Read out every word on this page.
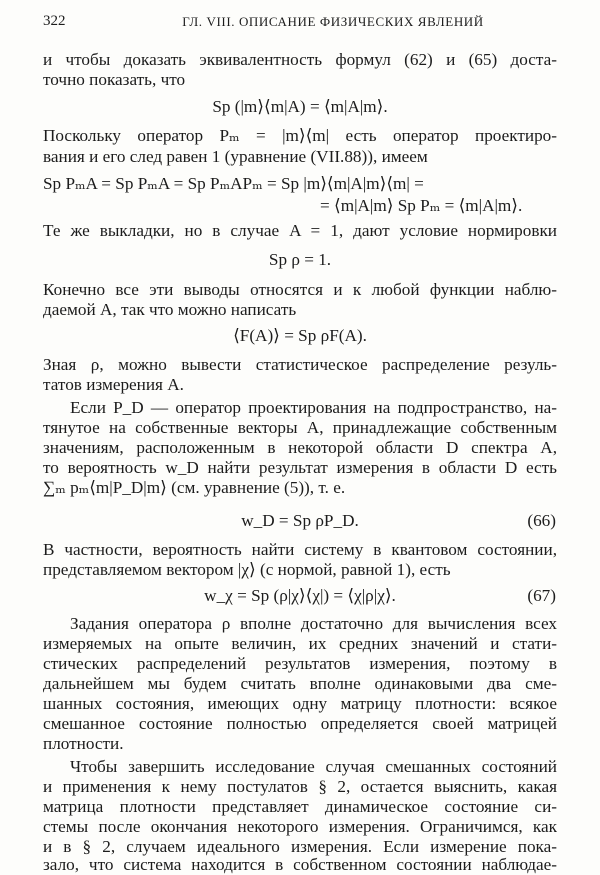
322	ГЛ. VIII. ОПИСАНИЕ ФИЗИЧЕСКИХ ЯВЛЕНИЙ
и чтобы доказать эквивалентность формул (62) и (65) доста-
точно показать, что
Sp (|m⟩⟨m|A) = ⟨m|A|m⟩.
Поскольку оператор Pₘ = |m⟩⟨m| есть оператор проектиро-
вания и его след равен 1 (уравнение (VII.88)), имеем
Sp PₘA = Sp PₘA = Sp PₘAPₘ = Sp |m⟩⟨m|A|m⟩⟨m| =
= ⟨m|A|m⟩ Sp Pₘ = ⟨m|A|m⟩.
Те же выкладки, но в случае A = 1, дают условие нормировки
Sp ρ = 1.
Конечно все эти выводы относятся и к любой функции наблю-
даемой A, так что можно написать
⟨F(A)⟩ = Sp ρF(A).
Зная ρ, можно вывести статистическое распределение резуль-
татов измерения A.
Если P_D — оператор проектирования на подпространство, на-
тянутое на собственные векторы A, принадлежащие собственным
значениям, расположенным в некоторой области D спектра A,
то вероятность w_D найти результат измерения в области D есть
∑ₘ pₘ⟨m|P_D|m⟩ (см. уравнение (5)), т. е.
w_D = Sp ρP_D.	(66)
В частности, вероятность найти систему в квантовом состоянии,
представляемом вектором |χ⟩ (с нормой, равной 1), есть
w_χ = Sp (ρ|χ⟩⟨χ|) = ⟨χ|ρ|χ⟩.	(67)
Задания оператора ρ вполне достаточно для вычисления всех
измеряемых на опыте величин, их средних значений и стати-
стических распределений результатов измерения, поэтому в
дальнейшем мы будем считать вполне одинаковыми два сме-
шанных состояния, имеющих одну матрицу плотности: всякое
смешанное состояние полностью определяется своей матрицей
плотности.
Чтобы завершить исследование случая смешанных состояний
и применения к нему постулатов § 2, остается выяснить, какая
матрица плотности представляет динамическое состояние си-
стемы после окончания некоторого измерения. Ограничимся, как
и в § 2, случаем идеального измерения. Если измерение пока-
зало, что система находится в собственном состоянии наблюдае-
